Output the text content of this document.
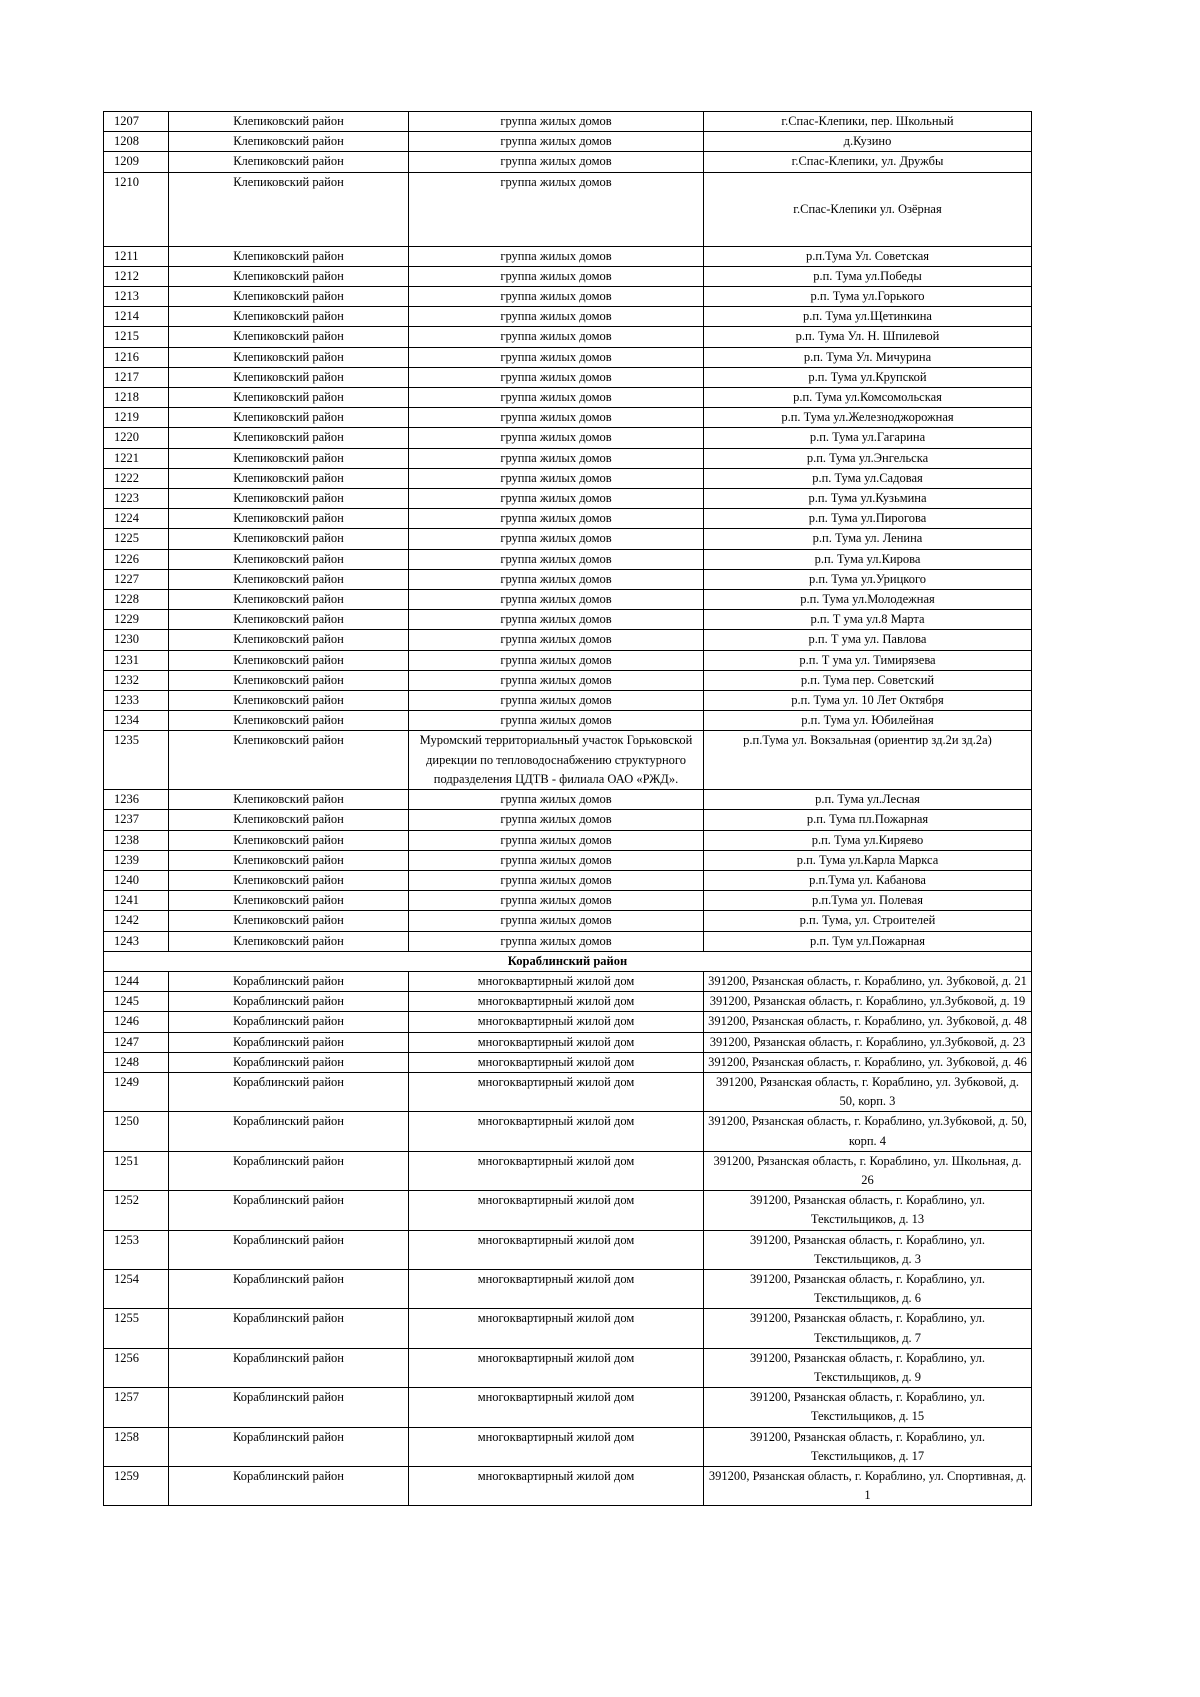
1207	Клепиковский район	группа жилых домов	г.Спас-Клепики, пер. Школьный
1208	Клепиковский район	группа жилых домов	д.Кузино
1209	Клепиковский район	группа жилых домов	г.Спас-Клепики, ул. Дружбы
1210	Клепиковский район	группа жилых домов	г.Спас-Клепики ул. Озёрная
1211	Клепиковский район	группа жилых домов	р.п.Тума Ул. Советская
1212	Клепиковский район	группа жилых домов	р.п. Тума ул.Победы
1213	Клепиковский район	группа жилых домов	р.п. Тума ул.Горького
1214	Клепиковский район	группа жилых домов	р.п. Тума ул.Щетинкина
1215	Клепиковский район	группа жилых домов	р.п. Тума Ул. Н. Шпилевой
1216	Клепиковский район	группа жилых домов	р.п. Тума Ул. Мичурина
1217	Клепиковский район	группа жилых домов	р.п. Тума ул.Крупской
1218	Клепиковский район	группа жилых домов	р.п. Тума ул.Комсомольская
1219	Клепиковский район	группа жилых домов	р.п. Тума ул.Железноджорожная
1220	Клепиковский район	группа жилых домов	р.п. Тума ул.Гагарина
1221	Клепиковский район	группа жилых домов	р.п. Тума ул.Энгельска
1222	Клепиковский район	группа жилых домов	р.п. Тума ул.Садовая
1223	Клепиковский район	группа жилых домов	р.п. Тума ул.Кузьмина
1224	Клепиковский район	группа жилых домов	р.п. Тума ул.Пирогова
1225	Клепиковский район	группа жилых домов	р.п. Тума ул. Ленина
1226	Клепиковский район	группа жилых домов	р.п. Тума ул.Кирова
1227	Клепиковский район	группа жилых домов	р.п. Тума ул.Урицкого
1228	Клепиковский район	группа жилых домов	р.п. Тума ул.Молодежная
1229	Клепиковский район	группа жилых домов	р.п. Т ума ул.8 Марта
1230	Клепиковский район	группа жилых домов	р.п. Т ума ул. Павлова
1231	Клепиковский район	группа жилых домов	р.п. Т ума ул. Тимирязева
1232	Клепиковский район	группа жилых домов	р.п. Тума пер. Советский
1233	Клепиковский район	группа жилых домов	р.п. Тума ул. 10 Лет Октября
1234	Клепиковский район	группа жилых домов	р.п. Тума ул. Юбилейная
1235	Клепиковский район	Муромский территориальный участок Горьковской дирекции по тепловодоснабжению структурного подразделения ЦДТВ - филиала ОАО «РЖД».	р.п.Тума ул. Вокзальная (ориентир зд.2и зд.2а)
1236	Клепиковский район	группа жилых домов	р.п. Тума ул.Лесная
1237	Клепиковский район	группа жилых домов	р.п. Тума пл.Пожарная
1238	Клепиковский район	группа жилых домов	р.п. Тума ул.Киряево
1239	Клепиковский район	группа жилых домов	р.п. Тума ул.Карла Маркса
1240	Клепиковский район	группа жилых домов	р.п.Тума ул. Кабанова
1241	Клепиковский район	группа жилых домов	р.п.Тума ул. Полевая
1242	Клепиковский район	группа жилых домов	р.п. Тума, ул. Строителей
1243	Клепиковский район	группа жилых домов	р.п. Тум ул.Пожарная
Кораблинский район			
1244	Кораблинский район	многоквартирный жилой дом	391200, Рязанская область, г. Кораблино, ул. Зубковой, д. 21
1245	Кораблинский район	многоквартирный жилой дом	391200, Рязанская область, г. Кораблино, ул.Зубковой, д. 19
1246	Кораблинский район	многоквартирный жилой дом	391200, Рязанская область, г. Кораблино, ул. Зубковой, д. 48
1247	Кораблинский район	многоквартирный жилой дом	391200, Рязанская область, г. Кораблино, ул.Зубковой, д. 23
1248	Кораблинский район	многоквартирный жилой дом	391200, Рязанская область, г. Кораблино, ул. Зубковой, д. 46
1249	Кораблинский район	многоквартирный жилой дом	391200, Рязанская область, г. Кораблино, ул. Зубковой, д. 50, корп. 3
1250	Кораблинский район	многоквартирный жилой дом	391200, Рязанская область, г. Кораблино, ул.Зубковой, д. 50, корп. 4
1251	Кораблинский район	многоквартирный жилой дом	391200, Рязанская область, г. Кораблино, ул. Школьная, д. 26
1252	Кораблинский район	многоквартирный жилой дом	391200, Рязанская область, г. Кораблино, ул. Текстильщиков, д. 13
1253	Кораблинский район	многоквартирный жилой дом	391200, Рязанская область, г. Кораблино, ул. Текстильщиков, д. 3
1254	Кораблинский район	многоквартирный жилой дом	391200, Рязанская область, г. Кораблино, ул. Текстильщиков, д. 6
1255	Кораблинский район	многоквартирный жилой дом	391200, Рязанская область, г. Кораблино, ул. Текстильщиков, д. 7
1256	Кораблинский район	многоквартирный жилой дом	391200, Рязанская область, г. Кораблино, ул. Текстильщиков, д. 9
1257	Кораблинский район	многоквартирный жилой дом	391200, Рязанская область, г. Кораблино, ул. Текстильщиков, д. 15
1258	Кораблинский район	многоквартирный жилой дом	391200, Рязанская область, г. Кораблино, ул. Текстильщиков, д. 17
1259	Кораблинский район	многоквартирный жилой дом	391200, Рязанская область, г. Кораблино, ул. Спортивная, д. 1
